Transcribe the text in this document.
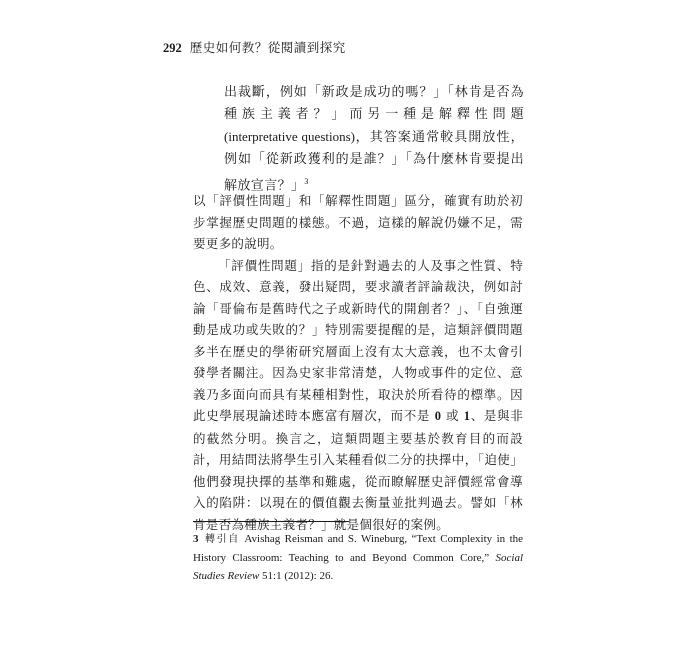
292 歷史如何教？從閱讀到探究
出裁斷，例如「新政是成功的嗎？」「林肯是否為種族主義者？」而另一種是解釋性問題(interpretative questions)，其答案通常較具開放性，例如「從新政獲利的是誰？」「為什麼林肯要提出解放宣言？」$^3$

以「評價性問題」和「解釋性問題」區分，確實有助於初步掌握歷史問題的樣態。不過，這樣的解說仍嫌不足，需要更多的說明。

「評價性問題」指的是針對過去的人及事之性質、特色、成效、意義，發出疑問，要求讀者評論裁決，例如討論「哥倫布是舊時代之子或新時代的開創者？」、「自強運動是成功或失敗的？」特別需要提醒的是，這類評價問題多半在歷史的學術研究層面上沒有太大意義，也不太會引發學者關注。因為史家非常清楚，人物或事件的定位、意義乃多面向而具有某種相對性，取決於所看待的標準。因此史學展現論述時本應富有層次，而不是 0 或 1、是與非的截然分明。換言之，這類問題主要基於教育目的而設計，用結問法將學生引入某種看似二分的抉擇中，「迫使」他們發現抉擇的基準和難處，從而瞭解歷史評價經常會導入的陷阱：以現在的價值觀去衡量並批判過去。譬如「林肯是否為種族主義者？」就是個很好的案例。

3 轉引自 Avishag Reisman and S. Wineburg, “Text Complexity in the History Classroom: Teaching to and Beyond Common Core,” Social Studies Review 51:1 (2012): 26.
